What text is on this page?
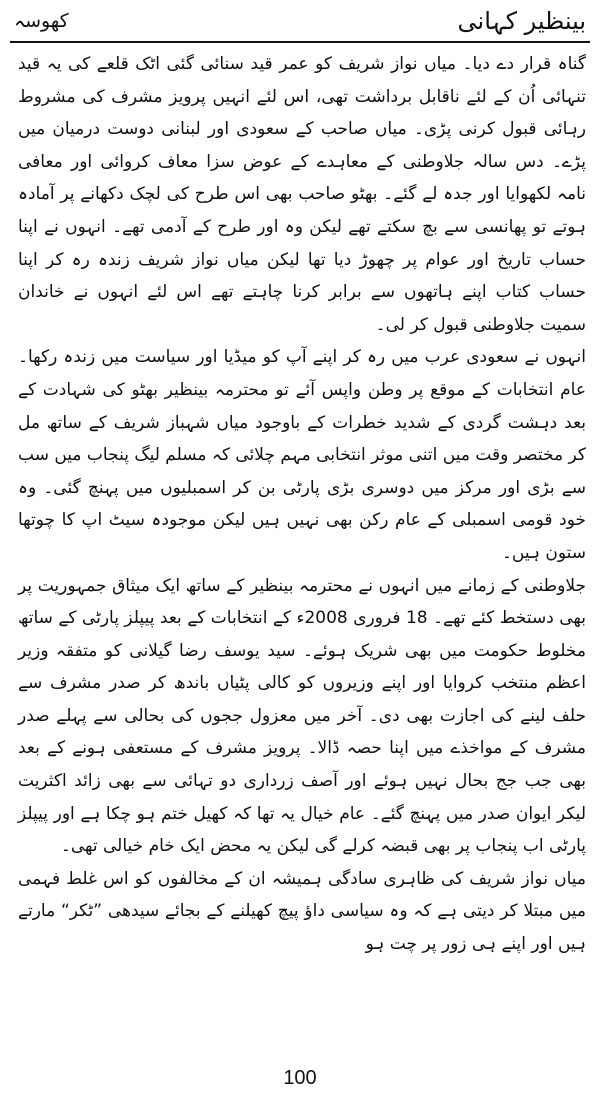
بینظیر کہانی
کھوسہ

گناہ قرار دے دیا۔ میاں نواز شریف کو عمر قید سنائی گئی اٹک قلعے کی یہ قید تنہائی اُن کے لئے ناقابل برداشت تھی، اس لئے انہیں پرویز مشرف کی مشروط رہائی قبول کرنی پڑی۔ میاں صاحب کے سعودی اور لبنانی دوست درمیان میں پڑے۔ دس سالہ جلاوطنی کے معاہدے کے عوض سزا معاف کروائی اور معافی نامہ لکھوایا اور جدہ لے گئے۔ بھٹو صاحب بھی اس طرح کی لچک دکھانے پر آمادہ ہوتے تو پھانسی سے بچ سکتے تھے لیکن وہ اور طرح کے آدمی تھے۔ انہوں نے اپنا حساب تاریخ اور عوام پر چھوڑ دیا تھا لیکن میاں نواز شریف زندہ رہ کر اپنا حساب کتاب اپنے ہاتھوں سے برابر کرنا چاہتے تھے اس لئے انہوں نے خاندان سمیت جلاوطنی قبول کر لی۔

انہوں نے سعودی عرب میں رہ کر اپنے آپ کو میڈیا اور سیاست میں زندہ رکھا۔ عام انتخابات کے موقع پر وطن واپس آئے تو محترمہ بینظیر بھٹو کی شہادت کے بعد دہشت گردی کے شدید خطرات کے باوجود میاں شہباز شریف کے ساتھ مل کر مختصر وقت میں اتنی موثر انتخابی مہم چلائی کہ مسلم لیگ پنجاب میں سب سے بڑی اور مرکز میں دوسری بڑی پارٹی بن کر اسمبلیوں میں پہنچ گئی۔ وہ خود قومی اسمبلی کے عام رکن بھی نہیں ہیں لیکن موجودہ سیٹ اپ کا چوتھا ستون ہیں۔

جلاوطنی کے زمانے میں انہوں نے محترمہ بینظیر کے ساتھ ایک میثاق جمہوریت پر بھی دستخط کئے تھے۔ 18 فروری 2008ء کے انتخابات کے بعد پیپلز پارٹی کے ساتھ مخلوط حکومت میں بھی شریک ہوئے۔ سید یوسف رضا گیلانی کو متفقہ وزیر اعظم منتخب کروایا اور اپنے وزیروں کو کالی پٹیاں باندھ کر صدر مشرف سے حلف لینے کی اجازت بھی دی۔ آخر میں معزول ججوں کی بحالی سے پہلے صدر مشرف کے مواخذے میں اپنا حصہ ڈالا۔ پرویز مشرف کے مستعفی ہونے کے بعد بھی جب جج بحال نہیں ہوئے اور آصف زرداری دو تہائی سے بھی زائد اکثریت لیکر ایوان صدر میں پہنچ گئے۔ عام خیال یہ تھا کہ کھیل ختم ہو چکا ہے اور پیپلز پارٹی اب پنجاب پر بھی قبضہ کرلے گی لیکن یہ محض ایک خام خیالی تھی۔

میاں نواز شریف کی ظاہری سادگی ہمیشہ ان کے مخالفوں کو اس غلط فہمی میں مبتلا کر دیتی ہے کہ وہ سیاسی داؤ پیچ کھیلنے کے بجائے سیدھی ”ٹکر“ مارتے ہیں اور اپنے ہی زور پر چت ہو

100
